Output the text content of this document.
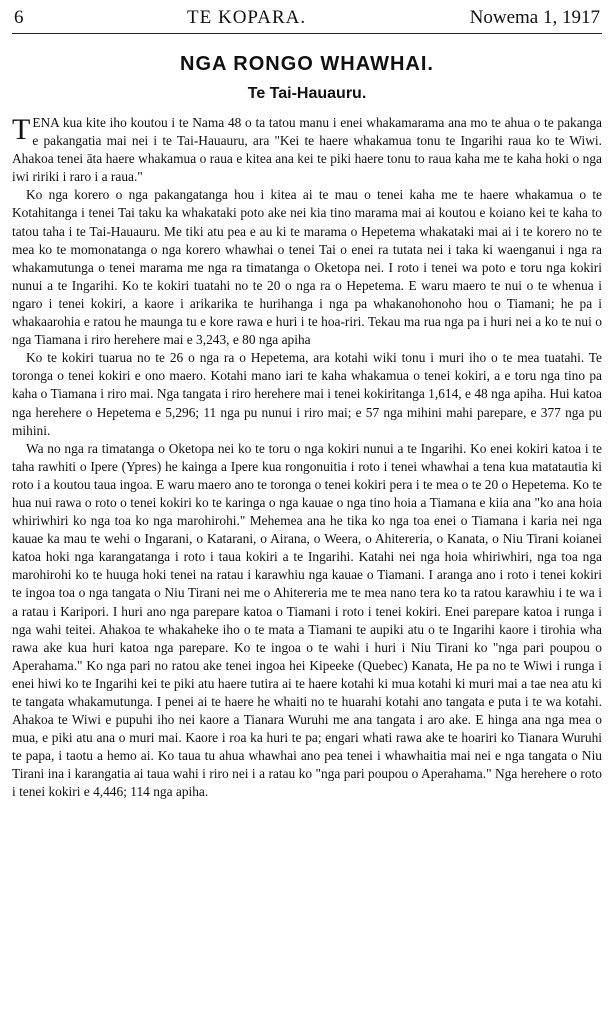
6	TE KOPARA.	Nowema 1, 1917
NGA RONGO WHAWHAI.
Te Tai-Hauauru.

TENA kua kite iho koutou i te Nama 48 o ta tatou manu i enei whakamarama ana mo te ahua o te pakanga e pakangatia mai nei i te Tai-Hauauru, ara "Kei te haere whakamua tonu te Ingarihi raua ko te Wiwi. Ahakoa tenei āta haere whakamua o raua e kitea ana kei te piki haere tonu to raua kaha me te kaha hoki o nga iwi ririki i raro i a raua."

Ko nga korero o nga pakangatanga hou i kitea ai te mau o tenei kaha me te haere whakamua o te Kotahitanga i tenei Tai taku ka whakataki poto ake nei kia tino marama mai ai koutou e koiano kei te kaha to tatou taha i te Tai-Hauauru. Me tiki atu pea e au ki te marama o Hepetema whakataki mai ai i te korero no te mea ko te momonatanga o nga korero whawhai o tenei Tai o enei ra tutata nei i taka ki waenganui i nga ra whakamutunga o tenei marama me nga ra timatanga o Oketopa nei. I roto i tenei wa poto e toru nga kokiri nunui a te Ingarihi. Ko te kokiri tuatahi no te 20 o nga ra o Hepetema. E waru maero te nui o te whenua i ngaro i tenei kokiri, a kaore i arikarika te hurihanga i nga pa whakanohonoho hou o Tiamani; he pa i whakaarohia e ratou he maunga tu e kore rawa e huri i te hoa-riri. Tekau ma rua nga pa i huri nei a ko te nui o nga Tiamana i riro herehere mai e 3,243, e 80 nga apiha

Ko te kokiri tuarua no te 26 o nga ra o Hepetema, ara kotahi wiki tonu i muri iho o te mea tuatahi. Te toronga o tenei kokiri e ono maero. Kotahi mano iari te kaha whakamua o tenei kokiri, a e toru nga tino pa kaha o Tiamana i riro mai. Nga tangata i riro herehere mai i tenei kokiritanga 1,614, e 48 nga apiha. Hui katoa nga herehere o Hepetema e 5,296; 11 nga pu nunui i riro mai; e 57 nga mihini mahi parepare, e 377 nga pu mihini.

Wa no nga ra timatanga o Oketopa nei ko te toru o nga kokiri nunui a te Ingarihi. Ko enei kokiri katoa i te taha rawhiti o Ipere (Ypres) he kainga a Ipere kua rongonuitia i roto i tenei whawhai a tena kua matatautia ki roto i a koutou taua ingoa. E waru maero ano te toronga o tenei kokiri pera i te mea o te 20 o Hepetema. Ko te hua nui rawa o roto o tenei kokiri ko te karinga o nga kauae o nga tino hoia a Tiamana e kiia ana "ko ana hoia whiriwhiri ko nga toa ko nga marohirohi." Mehemea ana he tika ko nga toa enei o Tiamana i karia nei nga kauae ka mau te wehi o Ingarani, o Katarani, o Airana, o Weera, o Ahitereria, o Kanata, o Niu Tirani koianei katoa hoki nga karangatanga i roto i taua kokiri a te Ingarihi. Katahi nei nga hoia whiriwhiri, nga toa nga marohirohi ko te huuga hoki tenei na ratau i karawhiu nga kauae o Tiamani. I aranga ano i roto i tenei kokiri te ingoa toa o nga tangata o Niu Tirani nei me o Ahitereria me te mea nano tera ko ta ratou karawhiu i te wa i a ratau i Karipori. I huri ano nga parepare katoa o Tiamani i roto i tenei kokiri. Enei parepare katoa i runga i nga wahi teitei. Ahakoa te whakaheke iho o te mata a Tiamani te aupiki atu o te Ingarihi kaore i tirohia wha rawa ake kua huri katoa nga parepare. Ko te ingoa o te wahi i huri i Niu Tirani ko "nga pari poupou o Aperahama." Ko nga pari no ratou ake tenei ingoa hei Kipeeke (Quebec) Kanata, He pa no te Wiwi i runga i enei hiwi ko te Ingarihi kei te piki atu haere tutira ai te haere kotahi ki mua kotahi ki muri mai a tae nea atu ki te tangata whakamutunga. I penei ai te haere he whaiti no te huarahi kotahi ano tangata e puta i te wa kotahi. Ahakoa te Wiwi e pupuhi iho nei kaore a Tianara Wuruhi me ana tangata i aro ake. E hinga ana nga mea o mua, e piki atu ana o muri mai. Kaore i roa ka huri te pa; engari whati rawa ake te hoariri ko Tianara Wuruhi te papa, i taotu a hemo ai. Ko taua tu ahua whawhai ano pea tenei i whawhaitia mai nei e nga tangata o Niu Tirani ina i karangatia ai taua wahi i riro nei i a ratau ko "nga pari poupou o Aperahama." Nga herehere o roto i tenei kokiri e 4,446; 114 nga apiha.
